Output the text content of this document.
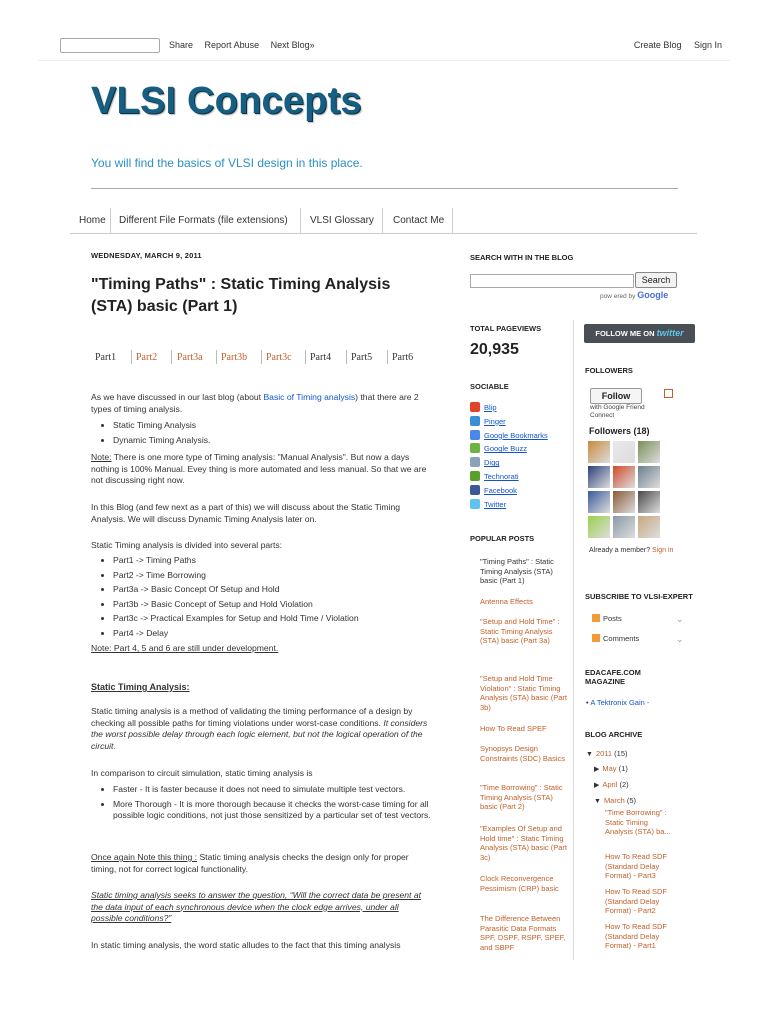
Share Report Abuse Next Blog»	Create Blog Sign In
VLSI Concepts
You will find the basics of VLSI design in this place.
Home	Different File Formats (file extensions)	VLSI Glossary	Contact Me
WEDNESDAY, MARCH 9, 2011
"Timing Paths" : Static Timing Analysis (STA) basic (Part 1)
Part1	Part2	Part3a	Part3b	Part3c	Part4	Part5	Part6
As we have discussed in our last blog (about Basic of Timing analysis) that there are 2 types of timing analysis.
• Static Timing Analysis
• Dynamic Timing Analysis.
Note: There is one more type of Timing analysis: "Manual Analysis". But now a days nothing is 100% Manual. Evey thing is more automated and less manual. So that we are not discussing right now.
In this Blog (and few next as a part of this) we will discuss about the Static Timing Analysis. We will discuss Dynamic Timing Analysis later on.
Static Timing analysis is divided into several parts:
• Part1 -> Timing Paths
• Part2 -> Time Borrowing
• Part3a -> Basic Concept Of Setup and Hold
• Part3b -> Basic Concept of Setup and Hold Violation
• Part3c -> Practical Examples for Setup and Hold Time / Violation
• Part4 -> Delay
Note: Part 4, 5 and 6 are still under development.
Static Timing Analysis:
Static timing analysis is a method of validating the timing performance of a design by checking all possible paths for timing violations under worst-case conditions. It considers the worst possible delay through each logic element, but not the logical operation of the circuit.
In comparison to circuit simulation, static timing analysis is
• Faster - It is faster because it does not need to simulate multiple test vectors.
• More Thorough - It is more thorough because it checks the worst-case timing for all possible logic conditions, not just those sensitized by a particular set of test vectors.
Once again Note this thing : Static timing analysis checks the design only for proper timing, not for correct logical functionality.
Static timing analysis seeks to answer the question, “Will the correct data be present at the data input of each synchronous device when the clock edge arrives, under all possible conditions?”
In static timing analysis, the word static alludes to the fact that this timing analysis
SEARCH WITH IN THE BLOG
Search
pow ered by Google
TOTAL PAGEVIEWS
20,935
SOCIABLE
Blip
Pinger
Google Bookmarks
Google Buzz
Digg
Technorati
Facebook
Twitter
POPULAR POSTS
"Timing Paths" : Static Timing Analysis (STA) basic (Part 1)
Antenna Effects
"Setup and Hold Time" : Static Timing Analysis (STA) basic (Part 3a)
"Setup and Hold Time Violation" : Static Timing Analysis (STA) basic (Part 3b)
How To Read SPEF
Synopsys Design Constraints (SDC) Basics
"Time Borrowing" : Static Timing Analysis (STA) basic (Part 2)
"Examples Of Setup and Hold time" : Static Timing Analysis (STA) basic (Part 3c)
Clock Reconvergence Pessimism (CRP) basic
The Difference Between Parasitic Data Formats SPF, DSPF, RSPF, SPEF, and SBPF
FOLLOW ME ON twitter
FOLLOWERS
Follow
with Google Friend Connect
Followers (18)
Already a member? Sign in
SUBSCRIBE TO VLSI-EXPERT
Posts	⌄
Comments	⌄
EDACAFE.COM MAGAZINE
• A Tektronix Gain -
BLOG ARCHIVE
▼ 2011 (15)
▶ May (1)
▶ April (2)
▼ March (5)
"Time Borrowing" : Static Timing Analysis (STA) ba...
How To Read SDF (Standard Delay Format) - Part3
How To Read SDF (Standard Delay Format) - Part2
How To Read SDF (Standard Delay Format) - Part1
